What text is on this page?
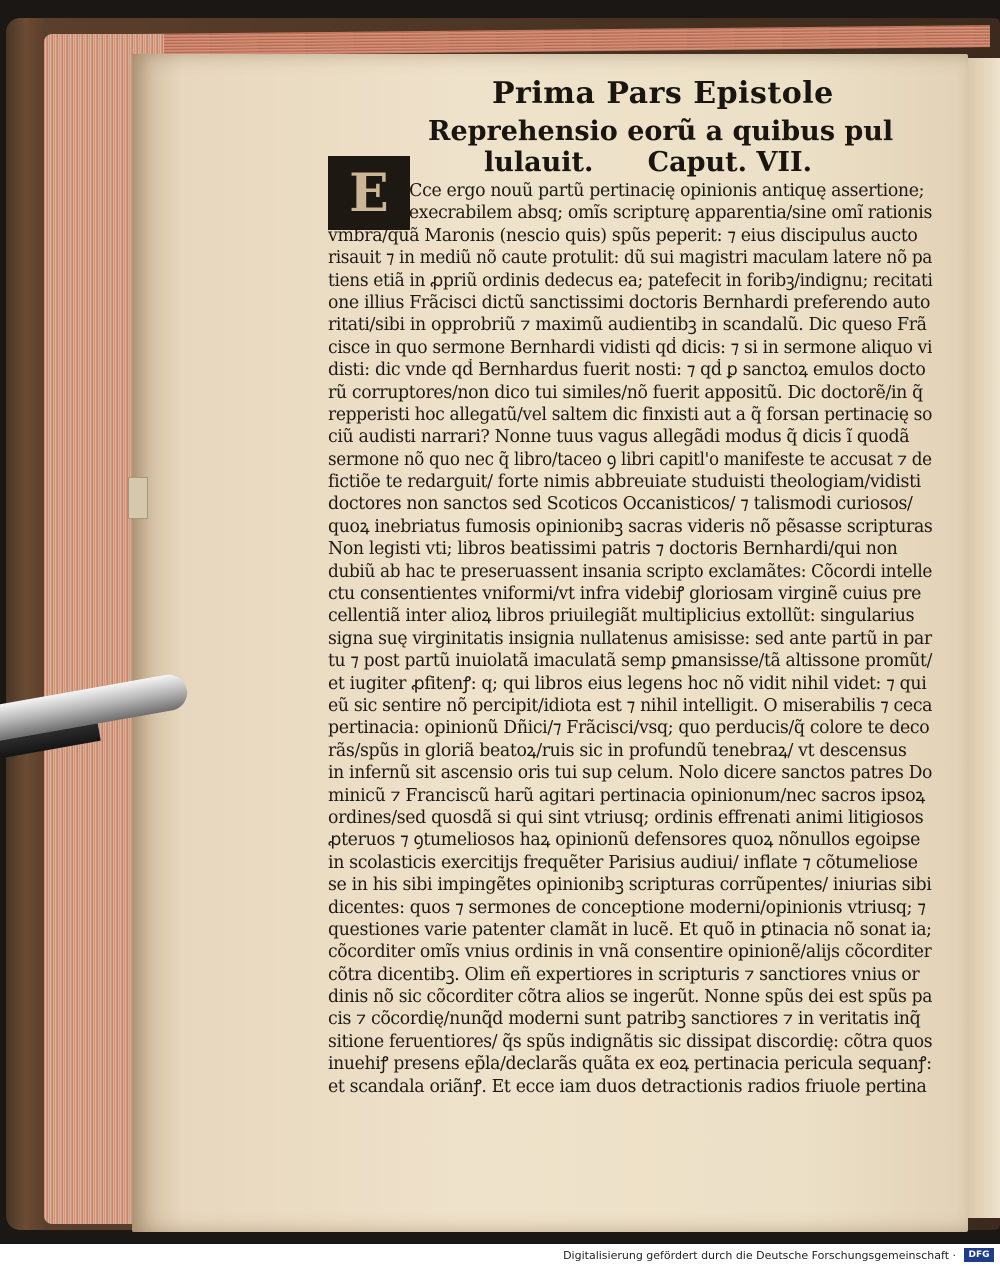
Prima Pars Epistole
Reprehensio eorũ a quibus pul
lulauit.	Caput. VII.
E	Cce ergo nouũ partũ pertinacię opinionis antiquę assertione;
execrabilem absq; omĩs scripturę apparentia/sine omĩ rationis
vmbra/quã Maronis (nescio quis) spũs peperit: ⁊ eius discipulus aucto
risauit ⁊ in mediũ nõ caute protulit: dũ sui magistri maculam latere nõ pa
tiens etiã in ꝓpriũ ordinis dedecus ea; patefecit in foribꝫ/indignu; recitati
one illius Frãcisci dictũ sanctissimi doctoris Bernhardi preferendo auto
ritati/sibi in opprobriũ ⁊ maximũ audientibꝫ in scandalũ. Dic queso Frã
cisce in quo sermone Bernhardi vidisti qḋ dicis: ⁊ si in sermone aliquo vi
disti: dic vnde qḋ Bernhardus fuerit nosti: ⁊ qḋ ꝑ sanctoꝝ emulos docto
rũ corruptores/non dico tui similes/nõ fuerit appositũ. Dic doctorẽ/in q̃
repperisti hoc allegatũ/vel saltem dic finxisti aut a q̃ forsan pertinacię so
ciũ audisti narrari? Nonne tuus vagus allegãdi modus q̃ dicis ĩ quodã
sermone nõ quo nec q̃ libro/taceo ꝯ libri capitl'o manifeste te accusat ⁊ de
fictiõe te redarguit/ forte nimis abbreuiate studuisti theologiam/vidisti
doctores non sanctos sed Scoticos Occanisticos/ ⁊ talismodi curiosos/
quoꝝ inebriatus fumosis opinionibꝫ sacras videris nõ pẽsasse scripturas
Non legisti vti; libros beatissimi patris ⁊ doctoris Bernhardi/qui non
dubiũ ab hac te preseruassent insania scripto exclamãtes: Cõcordi intelle
ctu consentientes vniformi/vt infra videbiꝭ gloriosam virginẽ cuius pre
cellentiã inter alioꝝ libros priuilegiãt multiplicius extollũt: singularius
signa suę virginitatis insignia nullatenus amisisse: sed ante partũ in par
tu ⁊ post partũ inuiolatã imaculatã semp ꝑmansisse/tã altissone promũt/
et iugiter ꝓfitenꝭ: q; qui libros eius legens hoc nõ vidit nihil videt: ⁊ qui
eũ sic sentire nõ percipit/idiota est ⁊ nihil intelligit. O miserabilis ⁊ ceca
pertinacia: opinionũ Dñici/⁊ Frãcisci/vsq; quo perducis/q̃ colore te deco
rãs/spũs in gloriã beatoꝝ/ruis sic in profundũ tenebraꝝ/ vt descensus
in infernũ sit ascensio oris tui sup celum. Nolo dicere sanctos patres Do
minicũ ⁊ Franciscũ harũ agitari pertinacia opinionum/nec sacros ipsoꝝ
ordines/sed quosdã si qui sint vtriusq; ordinis effrenati animi litigiosos
ꝓteruos ⁊ ꝯtumeliosos haꝝ opinionũ defensores quoꝝ nõnullos egoipse
in scolasticis exercitijs frequẽter Parisius audiui/ inflate ⁊ cõtumeliose
se in his sibi impingẽtes opinionibꝫ scripturas corrũpentes/ iniurias sibi
dicentes: quos ⁊ sermones de conceptione moderni/opinionis vtriusq; ⁊
questiones varie patenter clamãt in lucẽ. Et quõ in ꝑtinacia nõ sonat ia;
cõcorditer omĩs vnius ordinis in vnã consentire opinionẽ/alijs cõcorditer
cõtra dicentibꝫ. Olim eñ expertiores in scripturis ⁊ sanctiores vnius or
dinis nõ sic cõcorditer cõtra alios se ingerũt. Nonne spũs dei est spũs pa
cis ⁊ cõcordię/nunq̃d moderni sunt patribꝫ sanctiores ⁊ in veritatis inq̃
sitione feruentiores/ q̃s spũs indignãtis sic dissipat discordię: cõtra quos
inuehiꝭ presens ep̃la/declarãs quãta ex eoꝝ pertinacia pericula sequanꝭ:
et scandala oriãnꝭ. Et ecce iam duos detractionis radios friuole pertina
Digitalisierung gefördert durch die Deutsche Forschungsgemeinschaft ·	DFG
